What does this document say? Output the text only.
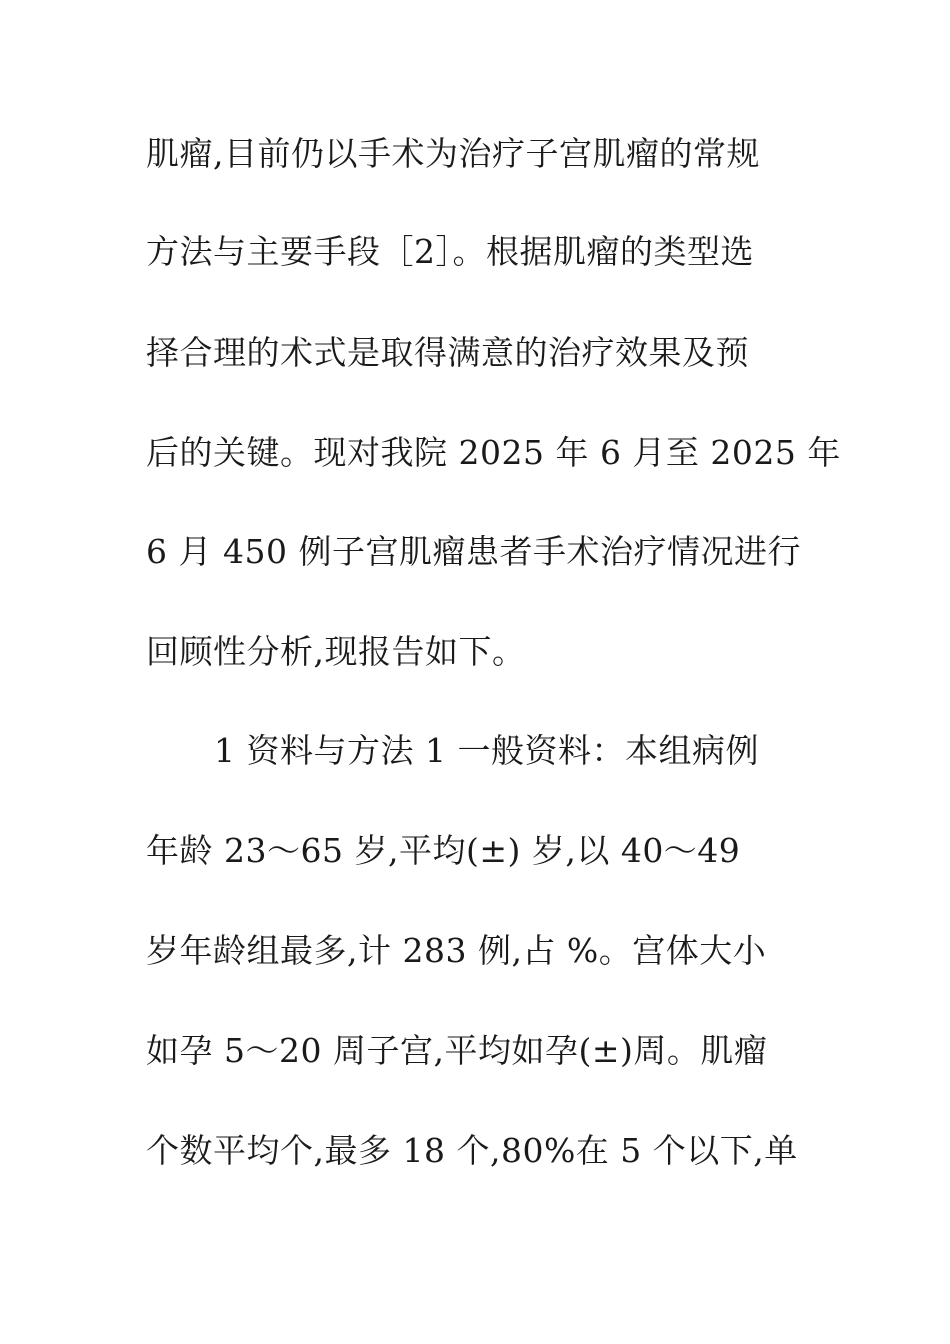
肌瘤,目前仍以手术为治疗子宫肌瘤的常规
方法与主要手段［2］。根据肌瘤的类型选
择合理的术式是取得满意的治疗效果及预
后的关键。现对我院 2025 年 6 月至 2025 年
6 月 450 例子宫肌瘤患者手术治疗情况进行
回顾性分析,现报告如下。
1 资料与方法 1 一般资料：本组病例
年龄 23～65 岁,平均(±) 岁,以 40～49
岁年龄组最多,计 283 例,占 %。宫体大小
如孕 5～20 周子宫,平均如孕(±)周。肌瘤
个数平均个,最多 18 个,80%在 5 个以下,单
